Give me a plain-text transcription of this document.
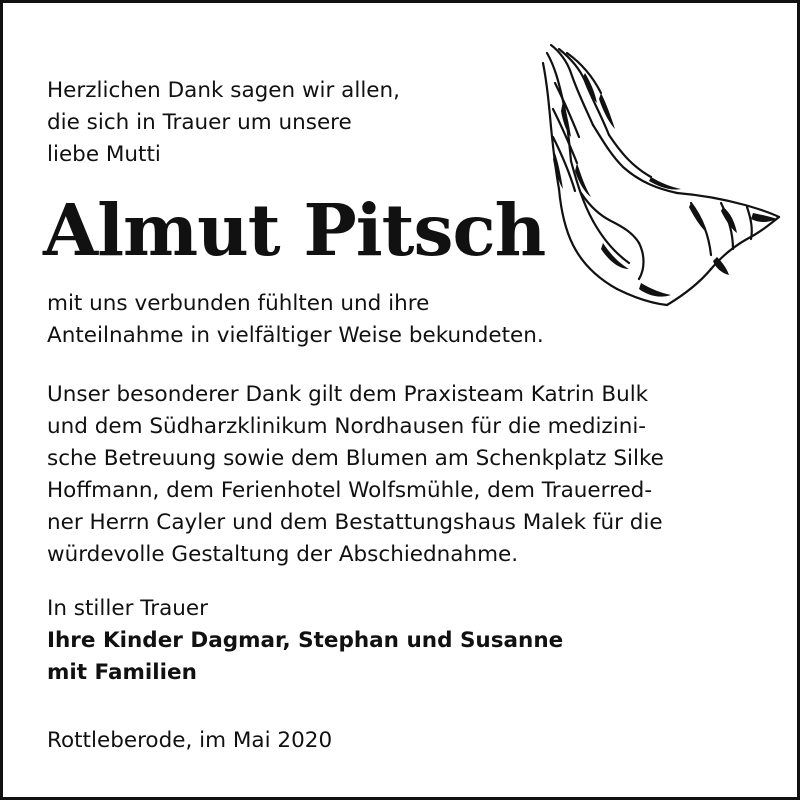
Herzlichen Dank sagen wir allen,
die sich in Trauer um unsere
liebe Mutti

Almut Pitsch

mit uns verbunden fühlten und ihre
Anteilnahme in vielfältiger Weise bekundeten.

Unser besonderer Dank gilt dem Praxisteam Katrin Bulk
und dem Südharzklinikum Nordhausen für die medizini-
sche Betreuung sowie dem Blumen am Schenkplatz Silke
Hoffmann, dem Ferienhotel Wolfsmühle, dem Trauerred-
ner Herrn Cayler und dem Bestattungshaus Malek für die
würdevolle Gestaltung der Abschiednahme.

In stiller Trauer

Ihre Kinder Dagmar, Stephan und Susanne
mit Familien

Rottleberode, im Mai 2020
